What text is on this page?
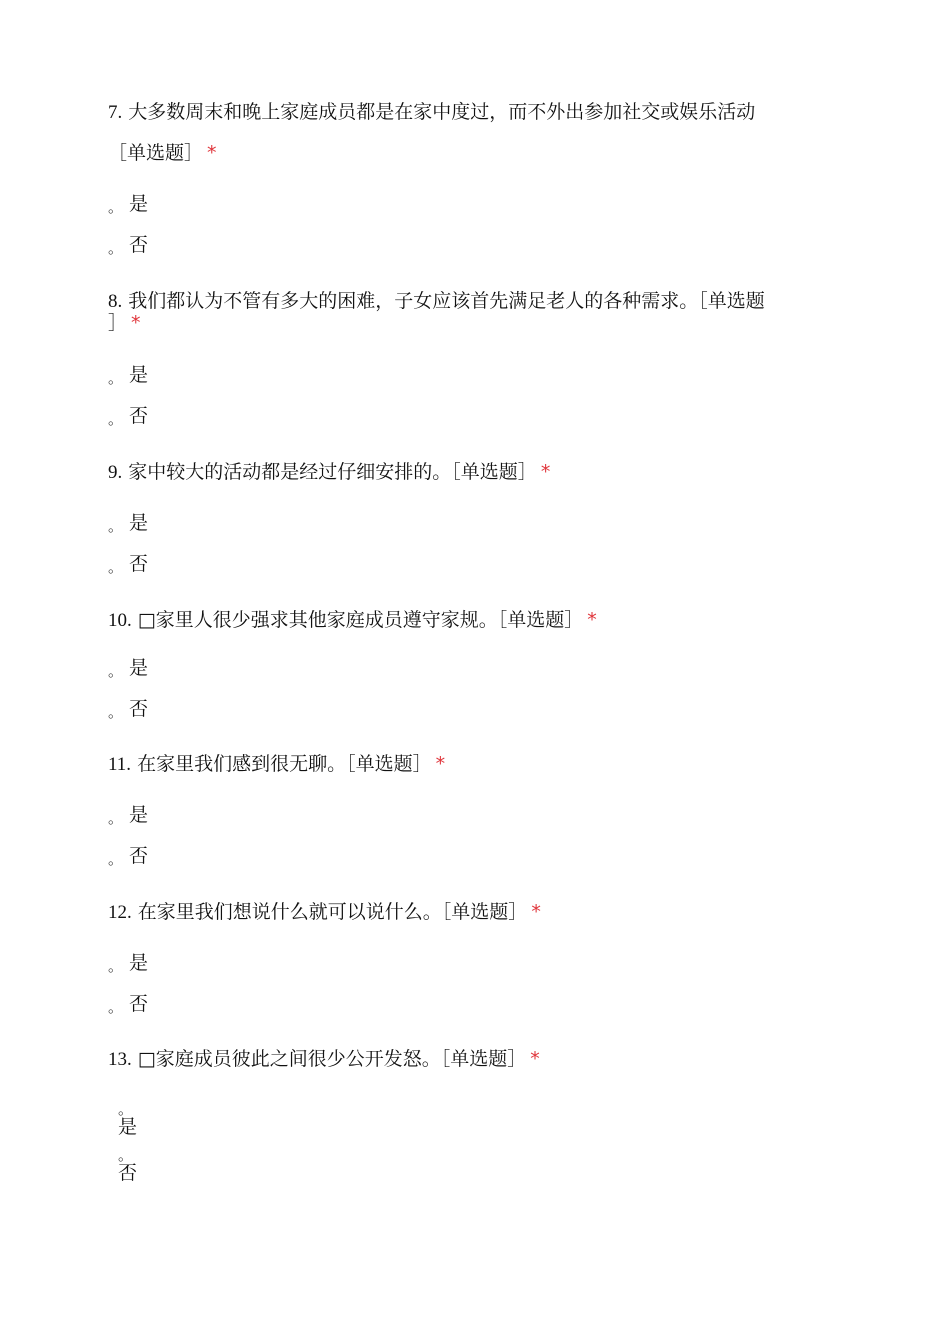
7. 大多数周末和晚上家庭成员都是在家中度过，而不外出参加社交或娱乐活动
［单选题］ *
。 是
。 否
8. 我们都认为不管有多大的困难，子女应该首先满足老人的各种需求。［单选题
］ *
。 是
。 否
9. 家中较大的活动都是经过仔细安排的。［单选题］ *
。 是
。 否
10. □家里人很少强求其他家庭成员遵守家规。［单选题］ *
。 是
。 否
11. 在家里我们感到很无聊。［单选题］ *
。 是
。 否
12. 在家里我们想说什么就可以说什么。［单选题］ *
。 是
。 否
13. □家庭成员彼此之间很少公开发怒。［单选题］ *
。
是
。
否
